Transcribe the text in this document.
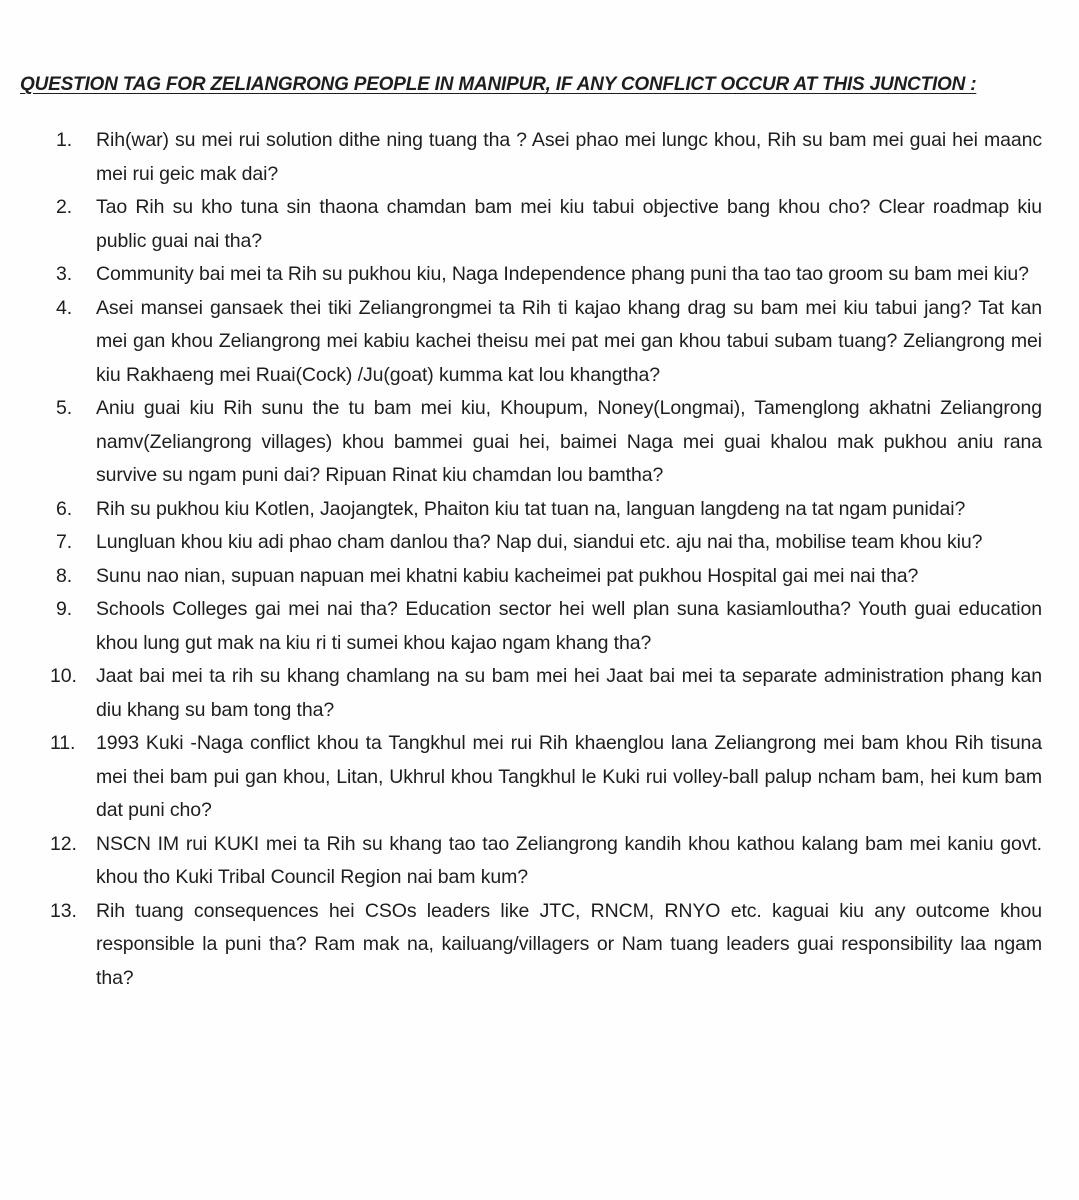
QUESTION TAG FOR ZELIANGRONG PEOPLE IN MANIPUR, IF ANY CONFLICT OCCUR AT THIS JUNCTION :
1.	Rih(war) su mei rui solution dithe ning tuang tha ? Asei phao mei lungc khou, Rih su bam mei guai hei maanc mei rui geic mak dai?
2.	Tao Rih su kho tuna sin thaona chamdan bam mei kiu tabui objective bang khou cho? Clear roadmap kiu public guai nai tha?
3.	Community bai mei ta Rih su pukhou kiu, Naga Independence phang puni tha tao tao groom su bam mei kiu?
4.	Asei mansei gansaek thei tiki Zeliangrongmei ta Rih ti kajao khang drag su bam mei kiu tabui jang? Tat kan mei gan khou Zeliangrong mei kabiu kachei theisu mei pat mei gan khou tabui subam tuang? Zeliangrong mei kiu Rakhaeng mei Ruai(Cock) /Ju(goat) kumma kat lou khangtha?
5.	Aniu guai kiu Rih sunu the tu bam mei kiu, Khoupum, Noney(Longmai), Tamenglong akhatni Zeliangrong namv(Zeliangrong villages) khou bammei guai hei, baimei Naga mei guai khalou mak pukhou aniu rana survive su ngam puni dai? Ripuan Rinat kiu chamdan lou bamtha?
6.	Rih su pukhou kiu Kotlen, Jaojangtek, Phaiton kiu tat tuan na, languan langdeng na tat ngam punidai?
7.	Lungluan khou kiu adi phao cham danlou tha? Nap dui, siandui etc. aju nai tha, mobilise team khou kiu?
8.	Sunu nao nian, supuan napuan mei khatni kabiu kacheimei pat pukhou Hospital gai mei nai tha?
9.	Schools Colleges gai mei nai tha? Education sector hei well plan suna kasiamloutha? Youth guai education khou lung gut mak na kiu ri ti sumei khou kajao ngam khang tha?
10. Jaat bai mei ta rih su khang chamlang na su bam mei hei Jaat bai mei ta separate administration phang kan diu khang su bam tong tha?
11.	1993 Kuki -Naga conflict khou ta Tangkhul mei rui Rih khaenglou lana Zeliangrong mei bam khou Rih tisuna mei thei bam pui gan khou, Litan, Ukhrul khou Tangkhul le Kuki rui volley-ball palup ncham bam, hei kum bam dat puni cho?
12. NSCN IM rui KUKI mei ta Rih su khang tao tao Zeliangrong kandih khou kathou kalang bam mei kaniu govt. khou tho Kuki Tribal Council Region nai bam kum?
13. Rih tuang consequences hei CSOs leaders like JTC, RNCM, RNYO etc. kaguai kiu any outcome khou responsible la puni tha? Ram mak na, kailuang/villagers or Nam tuang leaders guai responsibility laa ngam tha?
